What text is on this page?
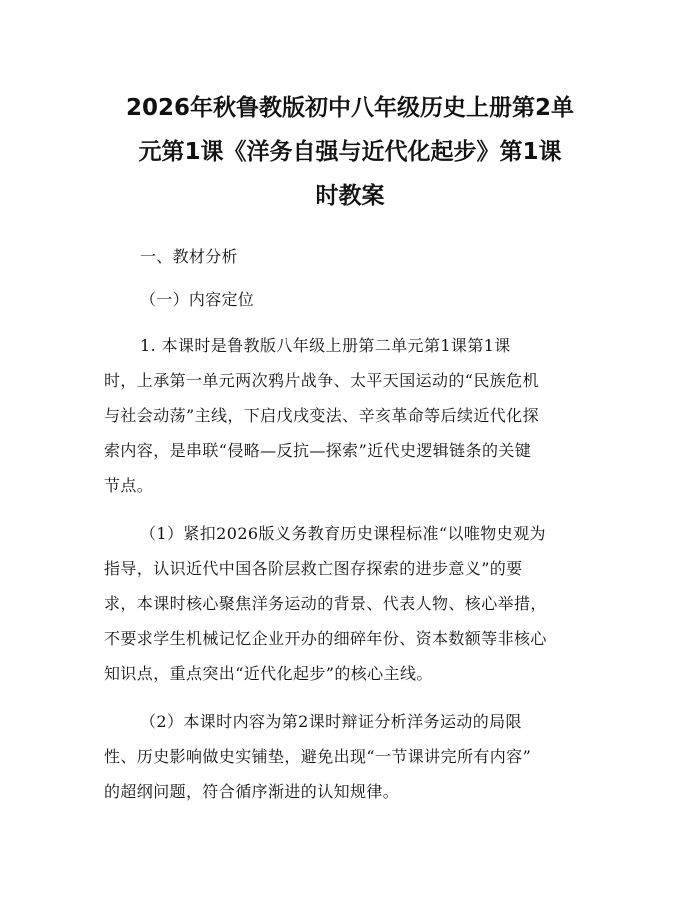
2026年秋鲁教版初中八年级历史上册第2单
元第1课《洋务自强与近代化起步》第1课
时教案
一、教材分析
（一）内容定位
1. 本课时是鲁教版八年级上册第二单元第1课第1课
时，上承第一单元两次鸦片战争、太平天国运动的“民族危机
与社会动荡”主线，下启戊戌变法、辛亥革命等后续近代化探
索内容，是串联“侵略—反抗—探索”近代史逻辑链条的关键
节点。
（1）紧扣2026版义务教育历史课程标准“以唯物史观为
指导，认识近代中国各阶层救亡图存探索的进步意义”的要
求，本课时核心聚焦洋务运动的背景、代表人物、核心举措，
不要求学生机械记忆企业开办的细碎年份、资本数额等非核心
知识点，重点突出“近代化起步”的核心主线。
（2）本课时内容为第2课时辩证分析洋务运动的局限
性、历史影响做史实铺垫，避免出现“一节课讲完所有内容”
的超纲问题，符合循序渐进的认知规律。
